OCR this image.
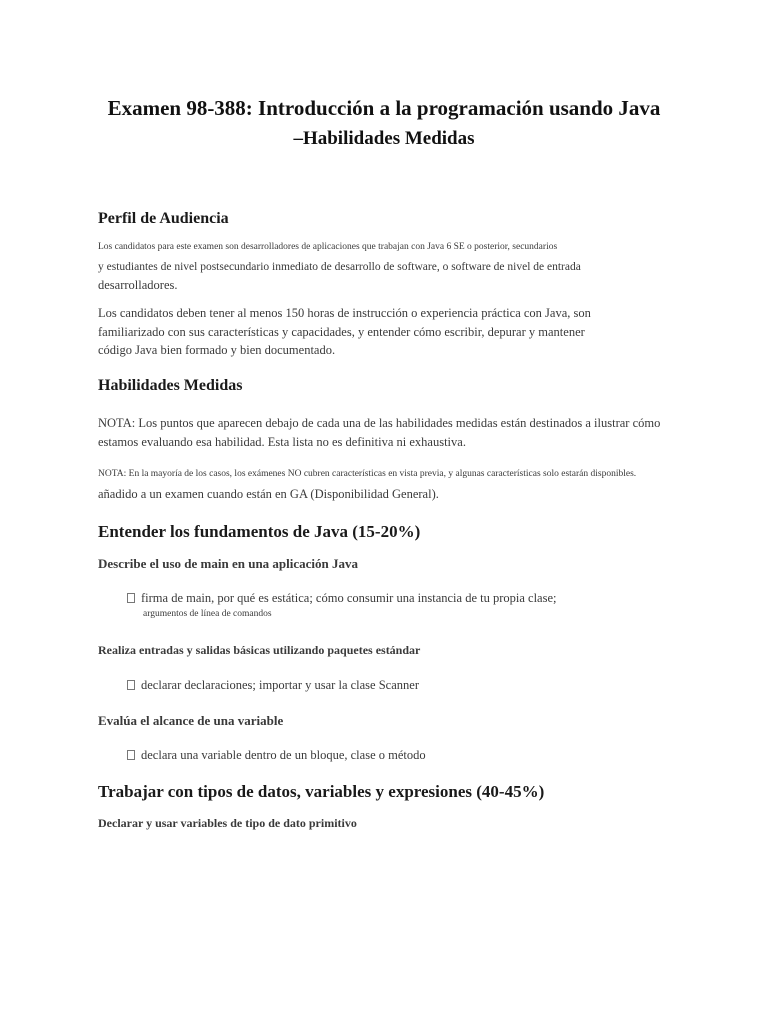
Examen 98-388: Introducción a la programación usando Java
–Habilidades Medidas
Perfil de Audiencia

Los candidatos para este examen son desarrolladores de aplicaciones que trabajan con Java 6 SE o posterior, secundarios

y estudiantes de nivel postsecundario inmediato de desarrollo de software, o software de nivel de entrada

desarrolladores.

Los candidatos deben tener al menos 150 horas de instrucción o experiencia práctica con Java, son

familiarizado con sus características y capacidades, y entender cómo escribir, depurar y mantener

código Java bien formado y bien documentado.

Habilidades Medidas

NOTA: Los puntos que aparecen debajo de cada una de las habilidades medidas están destinados a ilustrar cómo

estamos evaluando esa habilidad. Esta lista no es definitiva ni exhaustiva.

NOTA: En la mayoría de los casos, los exámenes NO cubren características en vista previa, y algunas características solo estarán disponibles.

añadido a un examen cuando están en GA (Disponibilidad General).

Entender los fundamentos de Java (15-20%)
Describe el uso de main en una aplicación Java
firma de main, por qué es estática; cómo consumir una instancia de tu propia clase;
argumentos de línea de comandos
Realiza entradas y salidas básicas utilizando paquetes estándar
declarar declaraciones; importar y usar la clase Scanner
Evalúa el alcance de una variable
declara una variable dentro de un bloque, clase o método
Trabajar con tipos de datos, variables y expresiones (40-45%)
Declarar y usar variables de tipo de dato primitivo
